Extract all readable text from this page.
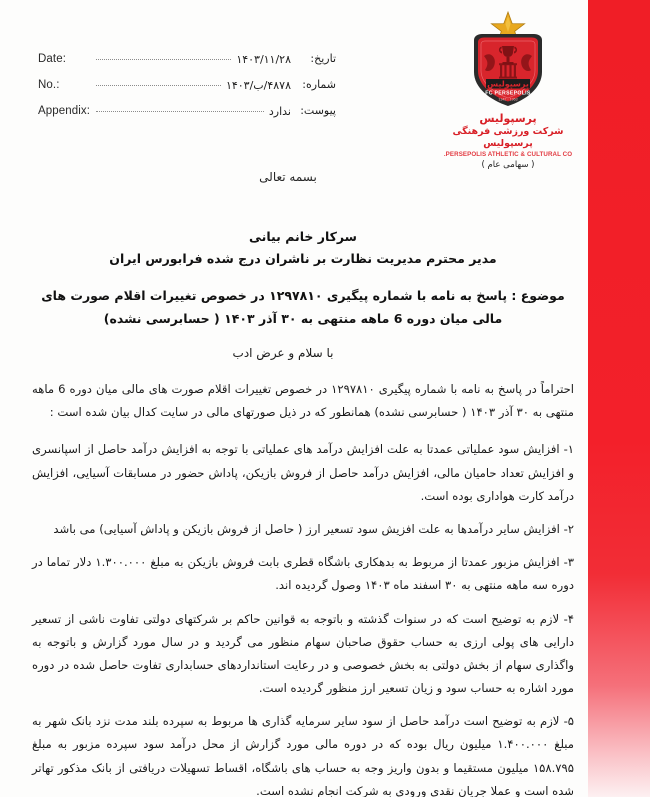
Date:	۱۴۰۳/۱۱/۲۸	تاریخ:
No.:	۴۸۷۸/ب/۱۴۰۳	شماره:
Appendix:	ندارد پیوست:
پرسپولیس
FC PERSEPOLIS
1963 - 1342
پرسپولیس
شرکت ورزشی فرهنگی پرسپولیس
PERSEPOLIS ATHLETIC & CULTURAL CO.
( سهامی عام )
بسمه تعالی
سرکار خانم بیانی
مدیر محترم مدیریت نظارت بر ناشران درج شده فرابورس ایران
موضوع : پاسخ به نامه با شماره پیگیری ۱۲۹۷۸۱۰ در خصوص تغییرات اقلام صورت های مالی میان دوره 6 ماهه منتهی به ۳۰ آذر ۱۴۰۳ ( حسابرسی نشده)
با سلام و عرض ادب
احتراماً در پاسخ به نامه با شماره پیگیری ۱۲۹۷۸۱۰ در خصوص تغییرات اقلام صورت های مالی میان دوره 6 ماهه منتهی به ۳۰ آذر ۱۴۰۳ ( حسابرسی نشده) همانطور که در ذیل صورتهای مالی در سایت کدال بیان شده است :
۱- افزایش سود عملیاتی عمدتا به علت افزایش درآمد های عملیاتی با توجه به افزایش درآمد حاصل از اسپانسری و افزایش تعداد حامیان مالی، افزایش درآمد حاصل از فروش بازیکن، پاداش حضور در مسابقات آسیایی، افزایش درآمد کارت هواداری بوده است.
۲- افزایش سایر درآمدها به علت افزیش سود تسعیر ارز ( حاصل از فروش بازیکن و پاداش آسیایی) می باشد
۳- افزایش مزبور عمدتا از مربوط به بدهکاری باشگاه قطری بابت فروش بازیکن به مبلغ ۱.۳۰۰.۰۰۰ دلار تماما در دوره سه ماهه منتهی به ۳۰ اسفند ماه ۱۴۰۳ وصول گردیده اند.
۴- لازم به توضیح است که در سنوات گذشته و باتوجه به قوانین حاکم بر شرکتهای دولتی تفاوت ناشی از تسعیر دارایی های پولی ارزی به حساب حقوق صاحبان سهام منظور می گردید و در سال مورد گزارش و باتوجه به واگذاری سهام از بخش دولتی به بخش خصوصی و در رعایت استانداردهای حسابداری تفاوت حاصل شده در دوره مورد اشاره به حساب سود و زیان تسعیر ارز منظور گردیده است.
۵- لازم به توضیح است درآمد حاصل از سود سایر سرمایه گذاری ها مربوط به سپرده بلند مدت نزد بانک شهر به مبلغ ۱.۴۰۰.۰۰۰ میلیون ریال بوده که در دوره مالی مورد گزارش از محل درآمد سود سپرده مزبور به مبلغ ۱۵۸.۷۹۵ میلیون مستقیما و بدون واریز وجه به حساب های باشگاه، اقساط تسهیلات دریافتی از بانک مذکور تهاتر شده است و عملا جریان نقدی ورودی به شرکت انجام نشده است.
